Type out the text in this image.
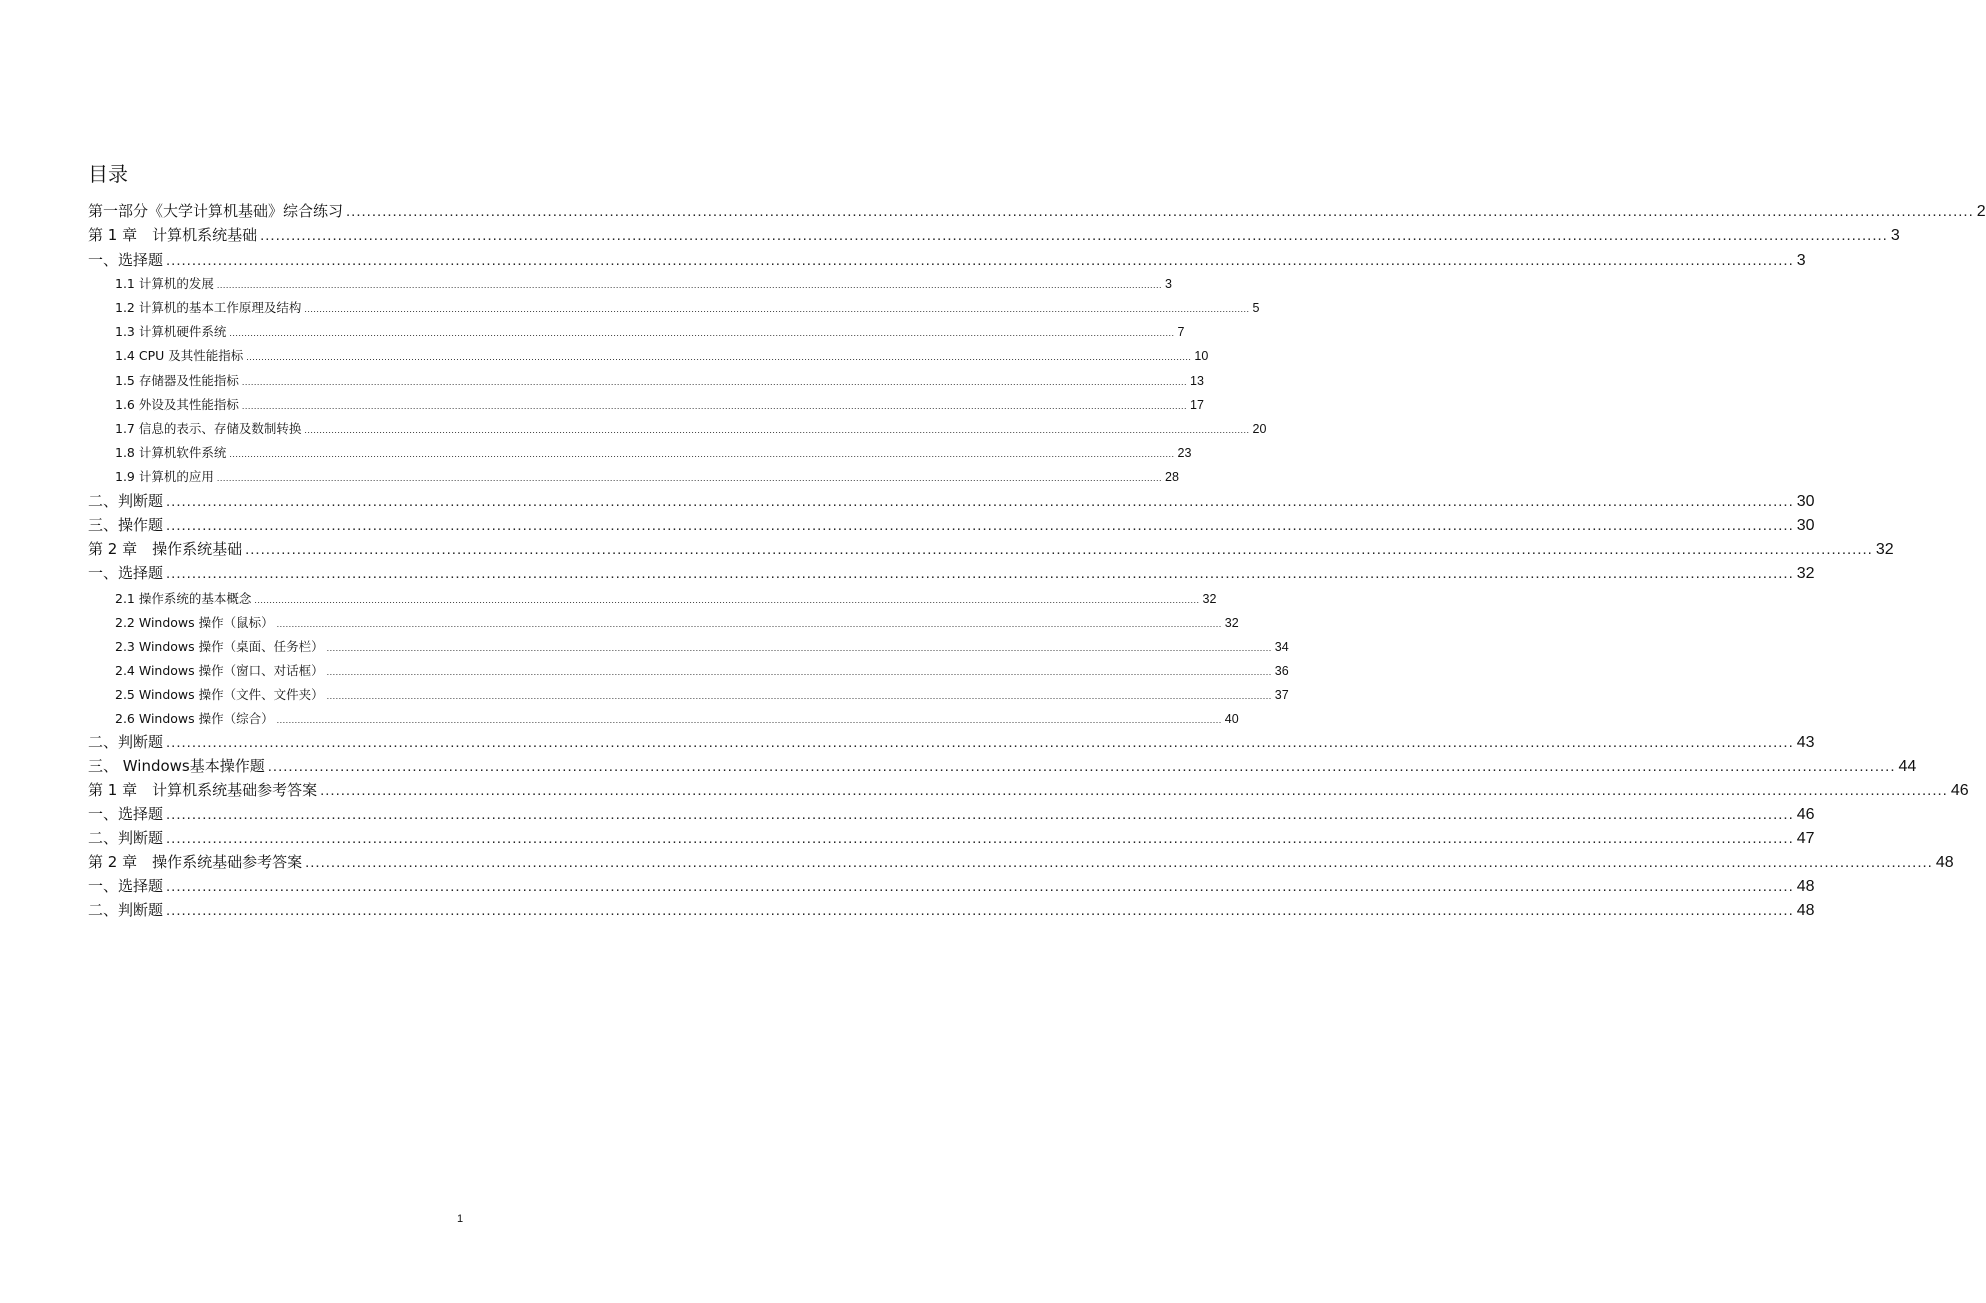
目录
第一部分《大学计算机基础》综合练习 ........................................................................................................................................................................................................................................................................................................................... 2
第 1 章　计算机系统基础 ........................................................................................................................................................................................................................................................................................................................... 3
一、选择题 ........................................................................................................................................................................................................................................................................................................................... 3
1.1 计算机的发展 ........................................................................................................................................................................................................................................................................................................................... 3
1.2 计算机的基本工作原理及结构 ........................................................................................................................................................................................................................................................................................................................... 5
1.3 计算机硬件系统 ........................................................................................................................................................................................................................................................................................................................... 7
1.4 CPU 及其性能指标 ........................................................................................................................................................................................................................................................................................................................... 10
1.5 存储器及性能指标 ........................................................................................................................................................................................................................................................................................................................... 13
1.6 外设及其性能指标 ........................................................................................................................................................................................................................................................................................................................... 17
1.7 信息的表示、存储及数制转换 ........................................................................................................................................................................................................................................................................................................................... 20
1.8 计算机软件系统 ........................................................................................................................................................................................................................................................................................................................... 23
1.9 计算机的应用 ........................................................................................................................................................................................................................................................................................................................... 28
二、判断题 ........................................................................................................................................................................................................................................................................................................................... 30
三、操作题 ........................................................................................................................................................................................................................................................................................................................... 30
第 2 章　操作系统基础 ........................................................................................................................................................................................................................................................................................................................... 32
一、选择题 ........................................................................................................................................................................................................................................................................................................................... 32
2.1 操作系统的基本概念 ........................................................................................................................................................................................................................................................................................................................... 32
2.2 Windows 操作（鼠标） ........................................................................................................................................................................................................................................................................................................................... 32
2.3 Windows 操作（桌面、任务栏） ........................................................................................................................................................................................................................................................................................................................... 34
2.4 Windows 操作（窗口、对话框） ........................................................................................................................................................................................................................................................................................................................... 36
2.5 Windows 操作（文件、文件夹） ........................................................................................................................................................................................................................................................................................................................... 37
2.6 Windows 操作（综合） ........................................................................................................................................................................................................................................................................................................................... 40
二、判断题 ........................................................................................................................................................................................................................................................................................................................... 43
三、 Windows基本操作题 ........................................................................................................................................................................................................................................................................................................................... 44
第 1 章　计算机系统基础参考答案 ........................................................................................................................................................................................................................................................................................................................... 46
一、选择题 ........................................................................................................................................................................................................................................................................................................................... 46
二、判断题 ........................................................................................................................................................................................................................................................................................................................... 47
第 2 章　操作系统基础参考答案 ........................................................................................................................................................................................................................................................................................................................... 48
一、选择题 ........................................................................................................................................................................................................................................................................................................................... 48
二、判断题 ........................................................................................................................................................................................................................................................................................................................... 48
1
